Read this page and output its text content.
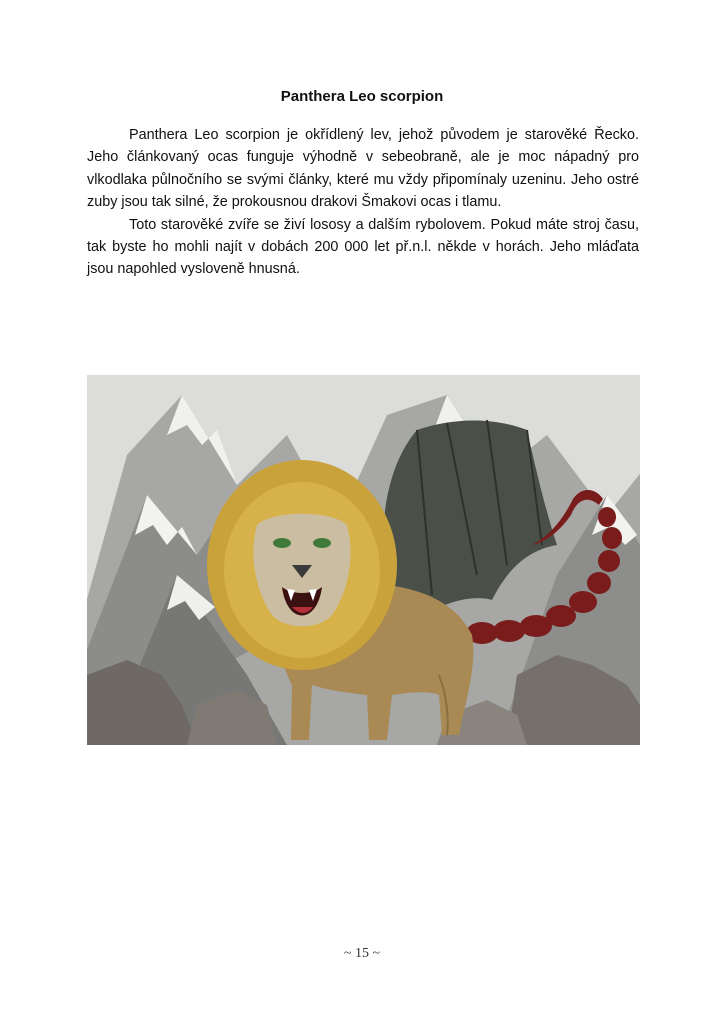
Panthera Leo scorpion

Panthera Leo scorpion je okřídlený lev, jehož původem je starověké Řecko. Jeho článkovaný ocas funguje výhodně v sebeobraně, ale je moc nápadný pro vlkodlaka půlnočního se svými články, které mu vždy připomínaly uzeninu. Jeho ostré zuby jsou tak silné, že prokousnou drakovi Šmakovi ocas i tlamu.

Toto starověké zvíře se živí lososy a dalším rybolovem. Pokud máte stroj času, tak byste ho mohli najít v dobách 200 000 let př.n.l. někde v horách. Jeho mláďata jsou napohled vysloveně hnusná.

~ 15 ~
